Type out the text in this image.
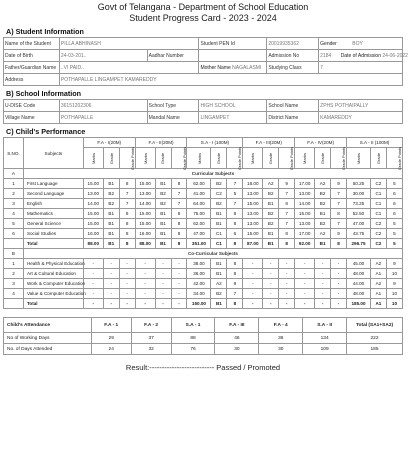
Govt of Telangana - Department of School Education
Student Progress Card - 2023 - 2024
A) Student Information
Name of the Student	PILLA ABHINASH		Student PEN Id	20019935362	Gender BOY
Date of Birth	24-03-201..	Aadhar Number		Admission No	2184 Date of Admission 24-06-2022
Father/Guardian Name	..VI PAID..		Mother Name NAGALASMI	Studying Class	7
Address	POTHAPALLE LINGAMPET KAMAREDDY				
B) School Information
U-DISE Code	36151202306	School Type	HIGH SCHOOL	School Name	ZPHS POTHAIPALLY
Village Name	POTHAPALLE	Mandal Name	LINGAMPET	District Name	KAMAREDDY
C) Child's Performance
S.NO.	Subjects	F.A - I(20M)			F.A - II(20M)			S.A - I (100M)			F.A - III(20M)			F.A - IV(20M)			S.A - II (100M)		
		Marks	Grade	Grade Points	Marks	Grade	Grade Points	Marks	Grade	Grade Points	Marks	Grade	Grade Points	Marks	Grade	Grade Points	Marks	Grade	Grade Points
A	Curricular Subjects																		
1	First Language	15.00	B1	8	15.00	B1	8	62.00	B2	7	18.00	A2	9	17.00	A2	9	50.25	C2	5
2	Second Language	13.00	B2	7	13.00	B2	7	41.00	C2	5	13.00	B2	7	13.00	B2	7	30.00	C1	6
3	English	14.00	B2	7	14.00	B2	7	64.00	B2	7	15.00	B1	8	14.00	B2	7	73.25	C1	6
4	Mathematics	15.00	B1	8	15.00	B1	8	75.00	B1	8	13.00	B2	7	15.00	B1	8	52.50	C1	6
5	General Science	15.00	B1	8	15.00	B1	8	62.00	B1	8	13.00	B2	7	13.00	B2	7	47.00	C2	5
6	Social Studies	16.00	B1	8	16.00	B1	8	47.00	C1	6	15.00	B1	8	17.00	A2	9	43.75	C2	5
	Total	88.00	B1	8	88.00	B1	8	351.00	C1	8	87.00	B1	8	92.00	B1	8	296.75	C2	5
B	Co-Curricular Subjects																		
1	Health & Physical Education	-	-	-	-	-	-	38.00	B1	8	-	-	-	-	-	-	45.00	A2	9
2	Art & Cultural Education	-	-	-	-	-	-	36.00	B1	8	-	-	-	-	-	-	48.00	A1	10
3	Work & Computer Education	-	-	-	-	-	-	42.00	A2	9	-	-	-	-	-	-	44.00	A2	9
4	Value & Computer Education	-	-	-	-	-	-	34.00	B2	7	-	-	-	-	-	-	48.00	A1	10
	Total	-	-	-	-	-	-	150.00	B1	8	-	-	-	-	-	-	185.00	A1	10
Child's Attendance	F.A - 1	F.A - 2	S.A - 1	F.A - III	F.A - 4	S.A - II	Total (SA1+SA2)
No of Working Days	29	37	88	46	36	134	222
No. of Days Attended	24	32	76	30	30	109	185
Result:-------------------------- Passed / Promoted
